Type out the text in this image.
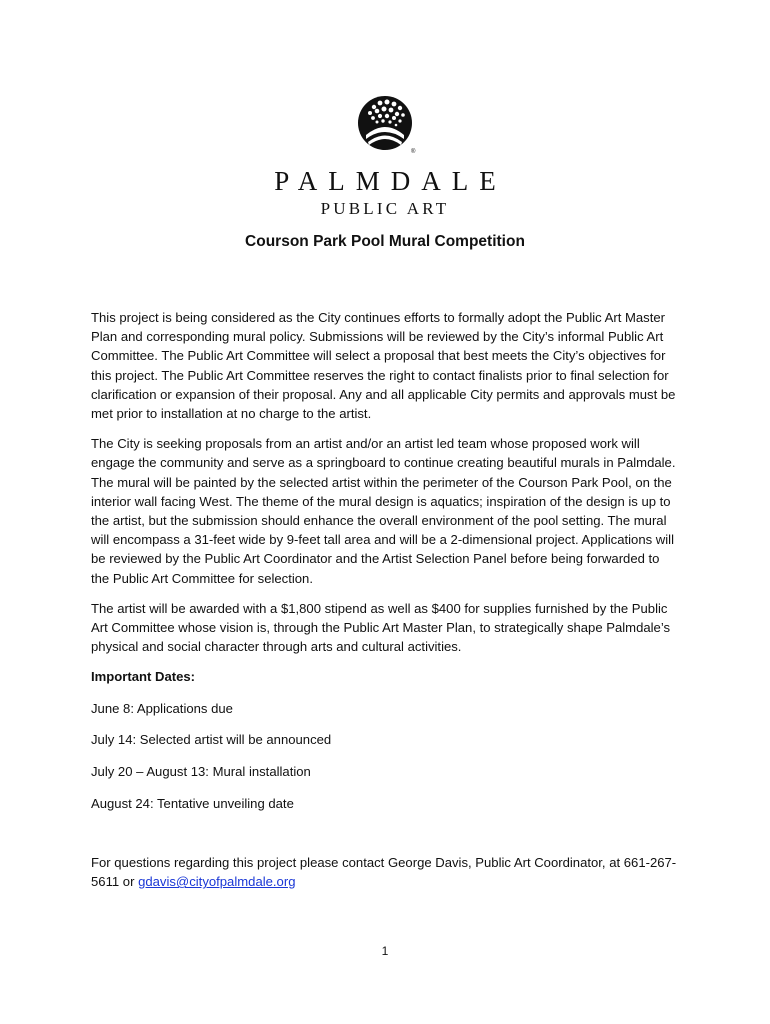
®
PALMDALE
PUBLIC ART
Courson Park Pool Mural Competition

This project is being considered as the City continues efforts to formally adopt the Public Art Master Plan and corresponding mural policy. Submissions will be reviewed by the City’s informal Public Art Committee. The Public Art Committee will select a proposal that best meets the City’s objectives for this project. The Public Art Committee reserves the right to contact finalists prior to final selection for clarification or expansion of their proposal. Any and all applicable City permits and approvals must be met prior to installation at no charge to the artist.

The City is seeking proposals from an artist and/or an artist led team whose proposed work will engage the community and serve as a springboard to continue creating beautiful murals in Palmdale. The mural will be painted by the selected artist within the perimeter of the Courson Park Pool, on the interior wall facing West. The theme of the mural design is aquatics; inspiration of the design is up to the artist, but the submission should enhance the overall environment of the pool setting. The mural will encompass a 31-feet wide by 9-feet tall area and will be a 2-dimensional project. Applications will be reviewed by the Public Art Coordinator and the Artist Selection Panel before being forwarded to the Public Art Committee for selection.

The artist will be awarded with a $1,800 stipend as well as $400 for supplies furnished by the Public Art Committee whose vision is, through the Public Art Master Plan, to strategically shape Palmdale’s physical and social character through arts and cultural activities.

Important Dates:

June 8: Applications due

July 14: Selected artist will be announced

July 20 – August 13: Mural installation

August 24: Tentative unveiling date

For questions regarding this project please contact George Davis, Public Art Coordinator, at 661-267-5611 or gdavis@cityofpalmdale.org

1
